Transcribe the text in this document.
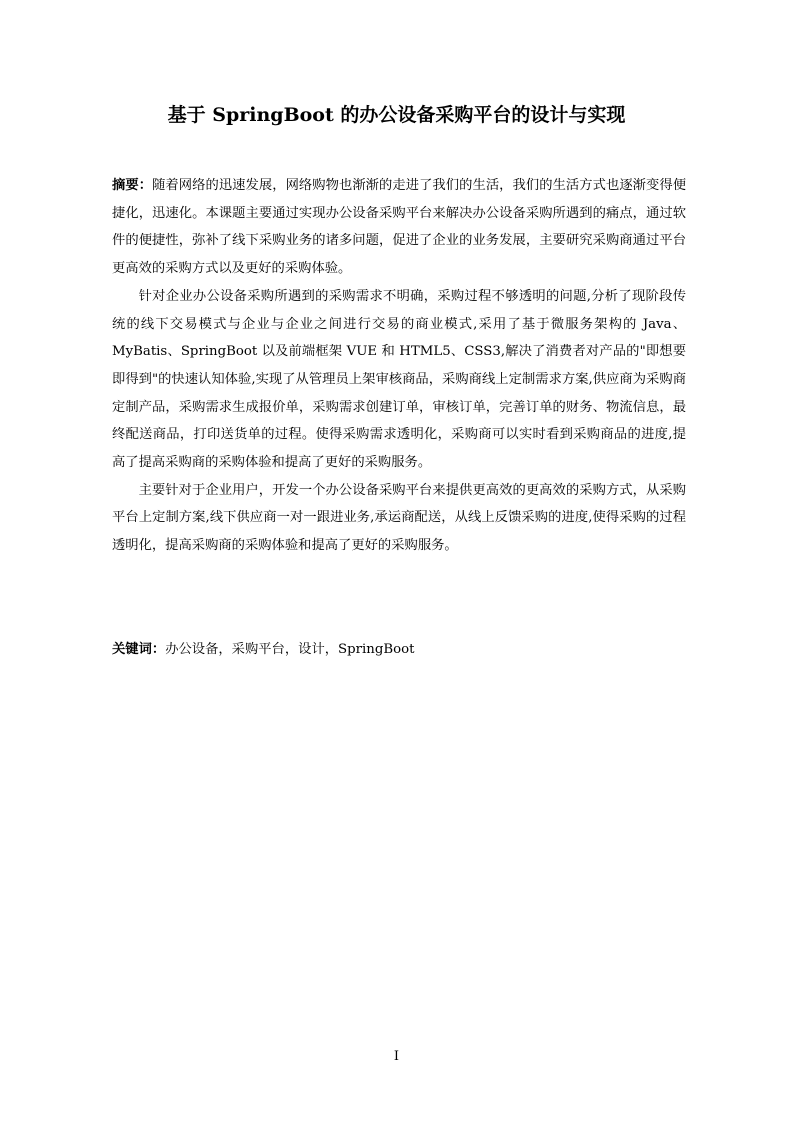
基于 SpringBoot 的办公设备采购平台的设计与实现

摘要：随着网络的迅速发展，网络购物也渐渐的走进了我们的生活，我们的生活方式也逐渐变得便捷化，迅速化。本课题主要通过实现办公设备采购平台来解决办公设备采购所遇到的痛点，通过软件的便捷性，弥补了线下采购业务的诸多问题，促进了企业的业务发展，主要研究采购商通过平台更高效的采购方式以及更好的采购体验。

针对企业办公设备采购所遇到的采购需求不明确，采购过程不够透明的问题,分析了现阶段传统的线下交易模式与企业与企业之间进行交易的商业模式,采用了基于微服务架构的 Java、MyBatis、SpringBoot 以及前端框架 VUE 和 HTML5、CSS3,解决了消费者对产品的"即想要即得到"的快速认知体验,实现了从管理员上架审核商品，采购商线上定制需求方案,供应商为采购商定制产品，采购需求生成报价单，采购需求创建订单，审核订单，完善订单的财务、物流信息，最终配送商品，打印送货单的过程。使得采购需求透明化，采购商可以实时看到采购商品的进度,提高了提高采购商的采购体验和提高了更好的采购服务。

主要针对于企业用户，开发一个办公设备采购平台来提供更高效的更高效的采购方式，从采购平台上定制方案,线下供应商一对一跟进业务,承运商配送，从线上反馈采购的进度,使得采购的过程透明化，提高采购商的采购体验和提高了更好的采购服务。

关键词：办公设备，采购平台，设计，SpringBoot

I
